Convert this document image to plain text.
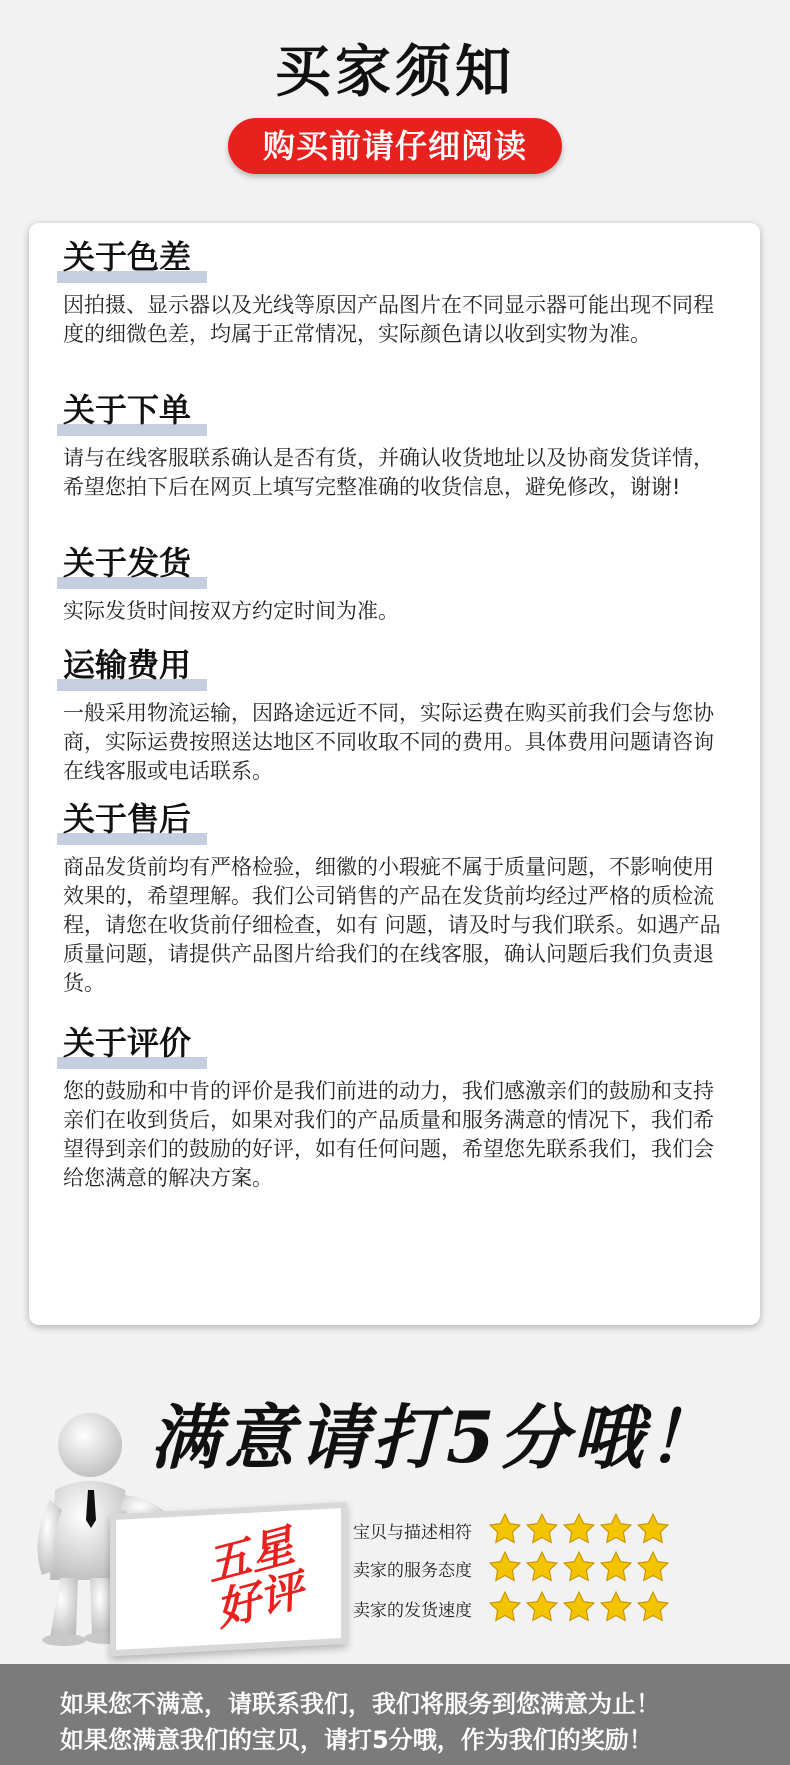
买家须知
购买前请仔细阅读
关于色差
因拍摄、显示器以及光线等原因产品图片在不同显示器可能出现不同程度的细微色差，均属于正常情况，实际颜色请以收到实物为准。
关于下单
请与在线客服联系确认是否有货，并确认收货地址以及协商发货详情，希望您拍下后在网页上填写完整准确的收货信息，避免修改，谢谢!
关于发货
实际发货时间按双方约定时间为准。
运输费用
一般采用物流运输，因路途远近不同，实际运费在购买前我们会与您协商，实际运费按照送达地区不同收取不同的费用。具体费用问题请咨询在线客服或电话联系。
关于售后
商品发货前均有严格检验，细徽的小瑕疵不属于质量问题，不影响使用效果的，希望理解。我们公司销售的产品在发货前均经过严格的质检流程，请您在收货前仔细检查，如有 问题，请及时与我们联系。如遇产品质量问题，请提供产品图片给我们的在线客服，确认问题后我们负责退货。
关于评价
您的鼓励和中肯的评价是我们前进的动力，我们感激亲们的鼓励和支持亲们在收到货后，如果对我们的产品质量和服务满意的情况下，我们希望得到亲们的鼓励的好评，如有任何问题，希望您先联系我们，我们会给您满意的解决方案。
满意请打5分哦！
五星好评
宝贝与描述相符
卖家的服务态度
卖家的发货速度
如果您不满意，请联系我们，我们将服务到您满意为止！
如果您满意我们的宝贝，请打5分哦，作为我们的奖励！
